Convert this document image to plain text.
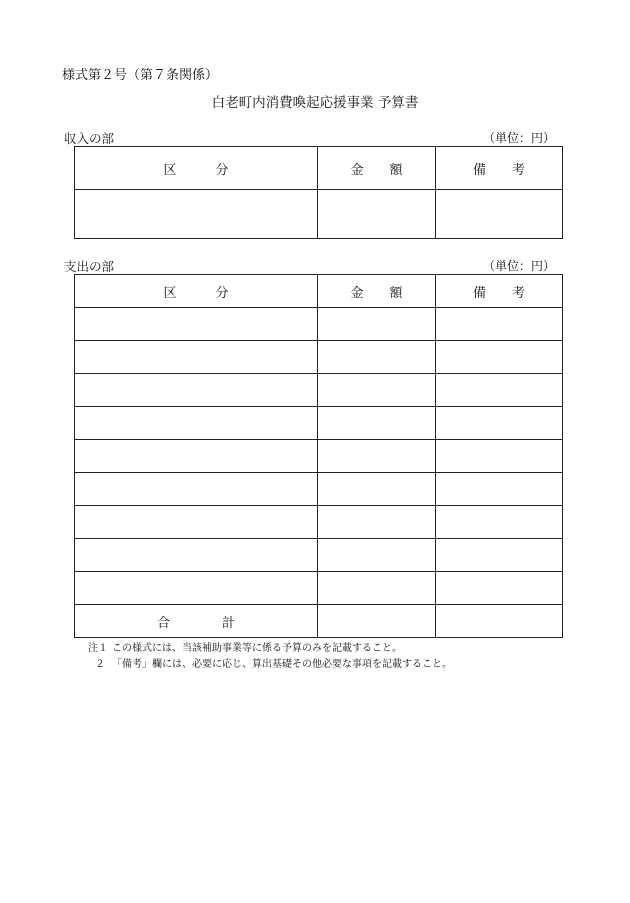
様式第２号（第７条関係）
白老町内消費喚起応援事業 予算書
収入の部	（単位：円）
区　　　分	金　　額	備　　考

支出の部	（単位：円）
区　　　分	金　　額	備　　考

合　　　　計		
注１ この様式には、当該補助事業等に係る予算のみを記載すること。
２ 「備考」欄には、必要に応じ、算出基礎その他必要な事項を記載すること。
